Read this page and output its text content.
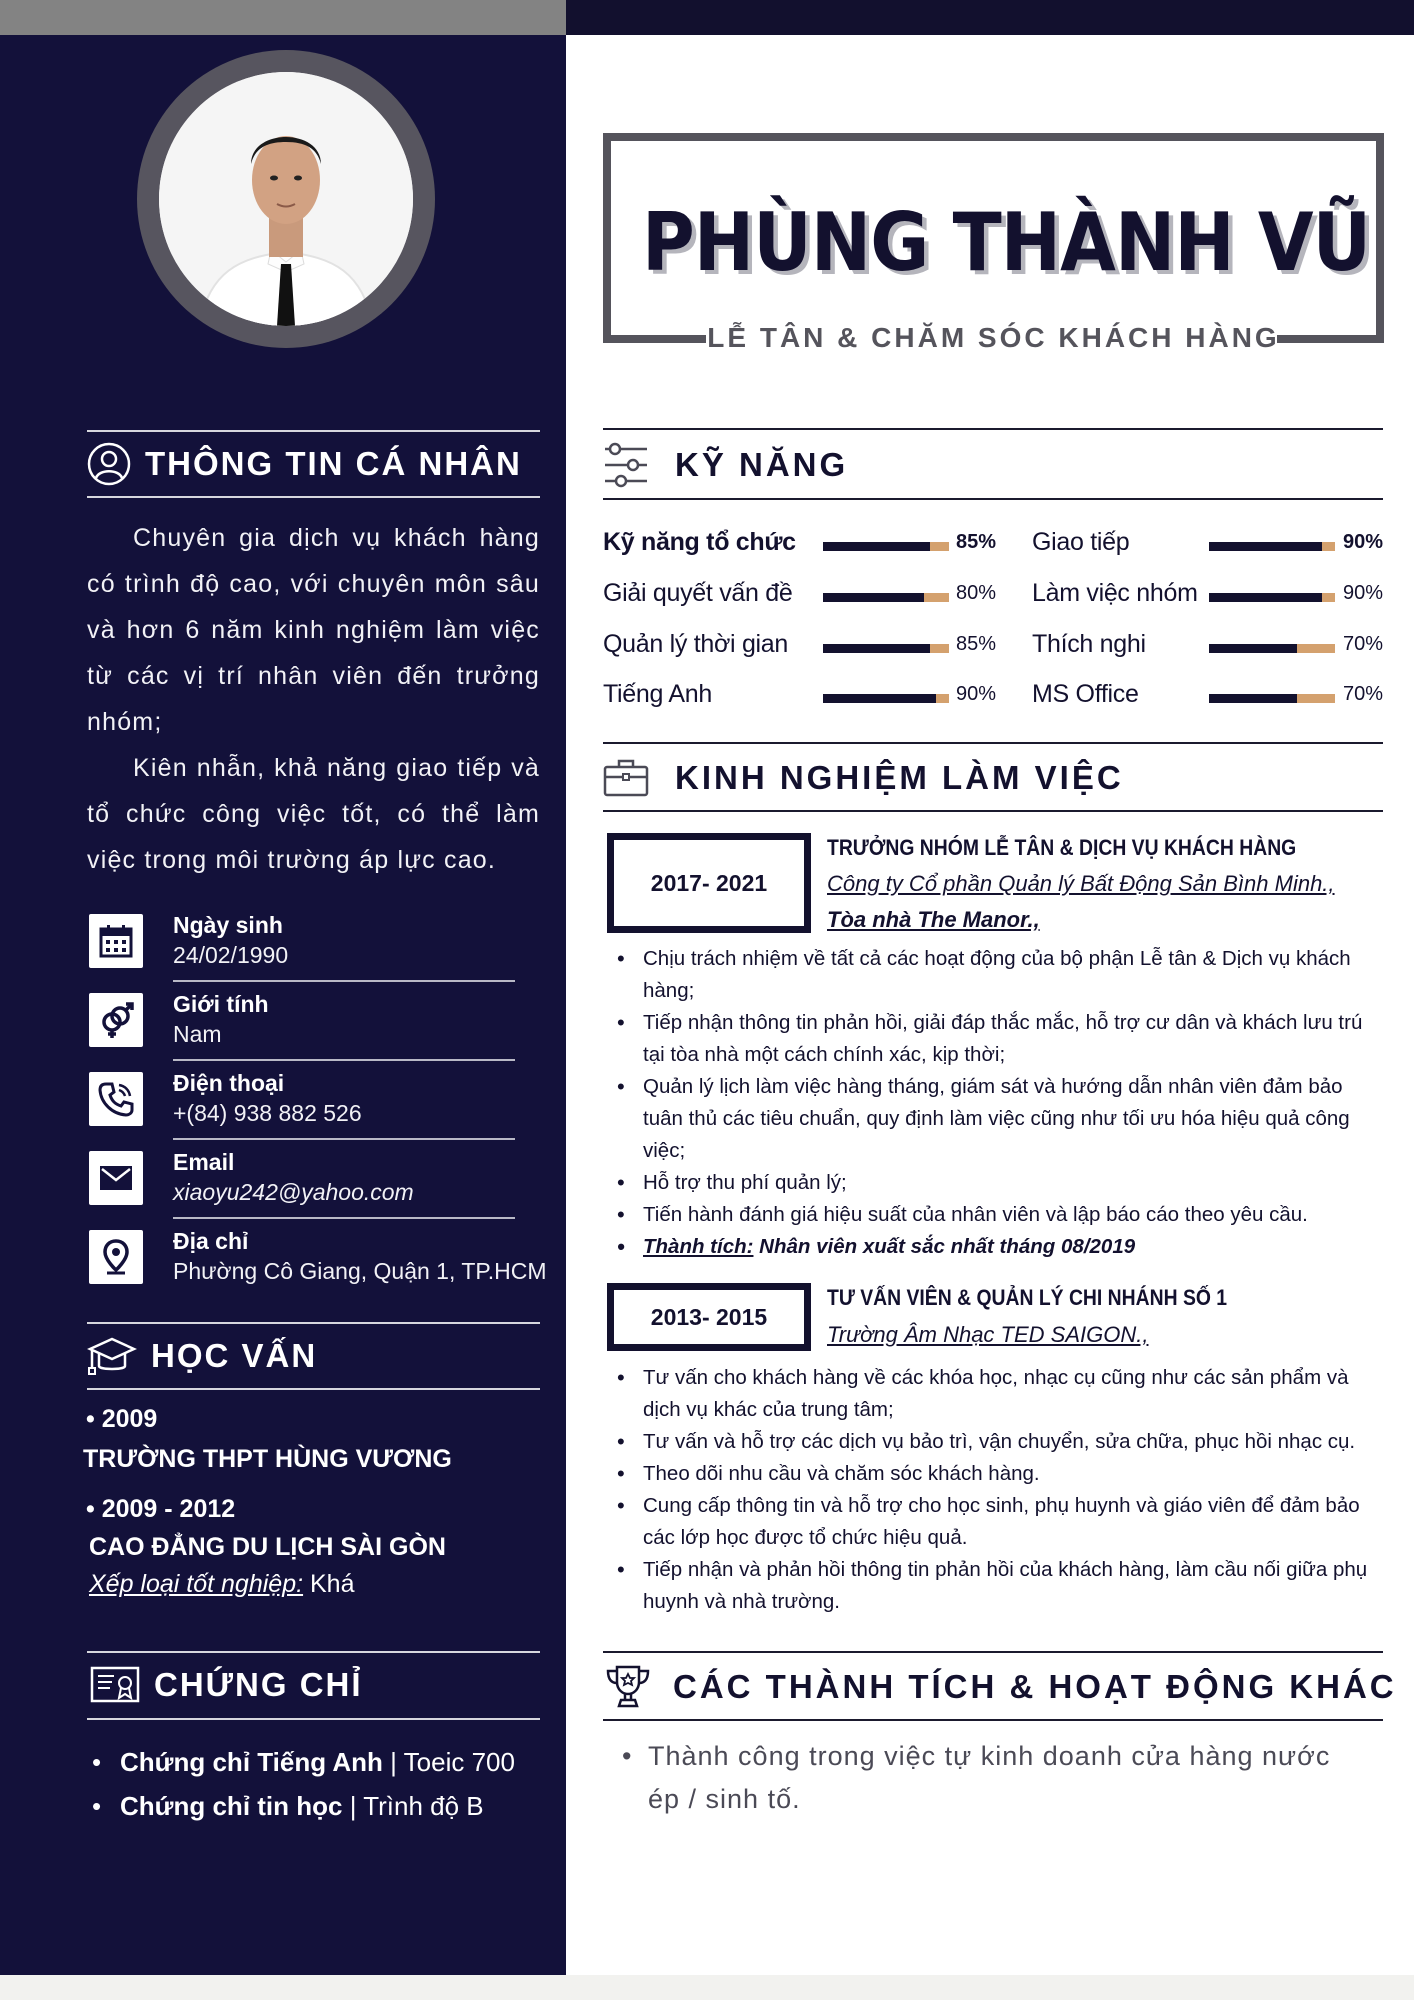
THÔNG TIN CÁ NHÂN

Chuyên gia dịch vụ khách hàng có trình độ cao, với chuyên môn sâu và hơn 6 năm kinh nghiệm làm việc từ các vị trí nhân viên đến trưởng nhóm;

Kiên nhẫn, khả năng giao tiếp và tổ chức công việc tốt, có thể làm việc trong môi trường áp lực cao.

Ngày sinh
24/02/1990
Giới tính
Nam
Điện thoại
+(84) 938 882 526
Email
xiaoyu242@yahoo.com
Địa chỉ
Phường Cô Giang, Quận 1, TP.HCM
HỌC VẤN
• 2009
TRƯỜNG THPT HÙNG VƯƠNG
• 2009 - 2012
CAO ĐẲNG DU LỊCH SÀI GÒN
Xếp loại tốt nghiệp: Khá
CHỨNG CHỈ
• Chứng chỉ Tiếng Anh | Toeic 700
• Chứng chỉ tin học | Trình độ B
PHÙNG THÀNH VŨ
LỄ TÂN & CHĂM SÓC KHÁCH HÀNG
KỸ NĂNG
Kỹ năng tổ chức	85%
Giải quyết vấn đề	80%
Quản lý thời gian	85%
Tiếng Anh	90%
Giao tiếp	90%
Làm việc nhóm	90%
Thích nghi	70%
MS Office	70%
KINH NGHIỆM LÀM VIỆC
2017- 2021
TRƯỞNG NHÓM LỄ TÂN & DỊCH VỤ KHÁCH HÀNG
Công ty Cổ phần Quản lý Bất Động Sản Bình Minh.,
Tòa nhà The Manor.,
• Chịu trách nhiệm về tất cả các hoạt động của bộ phận Lễ tân & Dịch vụ khách hàng;
• Tiếp nhận thông tin phản hồi, giải đáp thắc mắc, hỗ trợ cư dân và khách lưu trú tại tòa nhà một cách chính xác, kịp thời;
• Quản lý lịch làm việc hàng tháng, giám sát và hướng dẫn nhân viên đảm bảo tuân thủ các tiêu chuẩn, quy định làm việc cũng như tối ưu hóa hiệu quả công việc;
• Hỗ trợ thu phí quản lý;
• Tiến hành đánh giá hiệu suất của nhân viên và lập báo cáo theo yêu cầu.
• Thành tích: Nhân viên xuất sắc nhất tháng 08/2019
2013- 2015
TƯ VẤN VIÊN & QUẢN LÝ CHI NHÁNH SỐ 1
Trường Âm Nhạc TED SAIGON.,
• Tư vấn cho khách hàng về các khóa học, nhạc cụ cũng như các sản phẩm và dịch vụ khác của trung tâm;
• Tư vấn và hỗ trợ các dịch vụ bảo trì, vận chuyển, sửa chữa, phục hồi nhạc cụ.
• Theo dõi nhu cầu và chăm sóc khách hàng.
• Cung cấp thông tin và hỗ trợ cho học sinh, phụ huynh và giáo viên để đảm bảo các lớp học được tổ chức hiệu quả.
• Tiếp nhận và phản hồi thông tin phản hồi của khách hàng, làm cầu nối giữa phụ huynh và nhà trường.
CÁC THÀNH TÍCH & HOẠT ĐỘNG KHÁC
• Thành công trong việc tự kinh doanh cửa hàng nước ép / sinh tố.
